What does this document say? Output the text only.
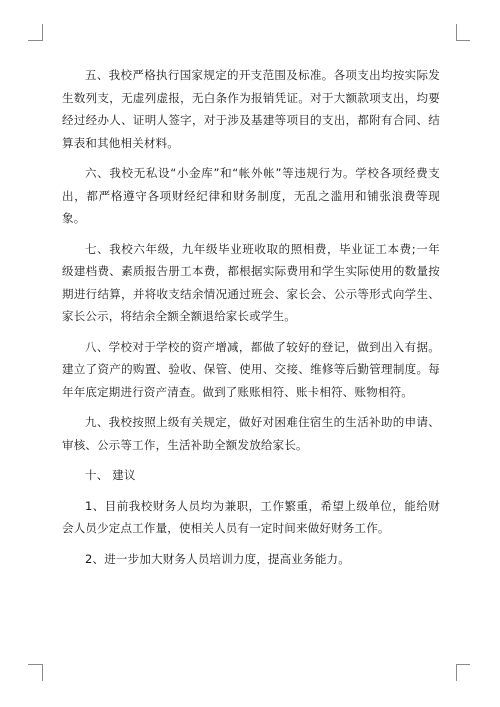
五、我校严格执行国家规定的开支范围及标准。各项支出均按实际发生数列支，无虚列虚报，无白条作为报销凭证。对于大额款项支出，均要经过经办人、证明人签字，对于涉及基建等项目的支出，都附有合同、结算表和其他相关材料。

六、我校无私设“小金库”和“帐外帐”等违规行为。学校各项经费支出，都严格遵守各项财经纪律和财务制度，无乱之滥用和铺张浪费等现象。

七、我校六年级，九年级毕业班收取的照相费，毕业证工本费;一年级建档费、素质报告册工本费，都根据实际费用和学生实际使用的数量按期进行结算，并将收支结余情况通过班会、家长会、公示等形式向学生、家长公示，将结余全额全额退给家长或学生。

八、学校对于学校的资产增减，都做了较好的登记，做到出入有据。建立了资产的购置、验收、保管、使用、交接、维修等后勤管理制度。每年年底定期进行资产清查。做到了账账相符、账卡相符、账物相符。

九、我校按照上级有关规定，做好对困难住宿生的生活补助的申请、审核、公示等工作，生活补助全额发放给家长。

十、 建议

1、目前我校财务人员均为兼职，工作繁重，希望上级单位，能给财会人员少定点工作量，使相关人员有一定时间来做好财务工作。

2、进一步加大财务人员培训力度，提高业务能力。
